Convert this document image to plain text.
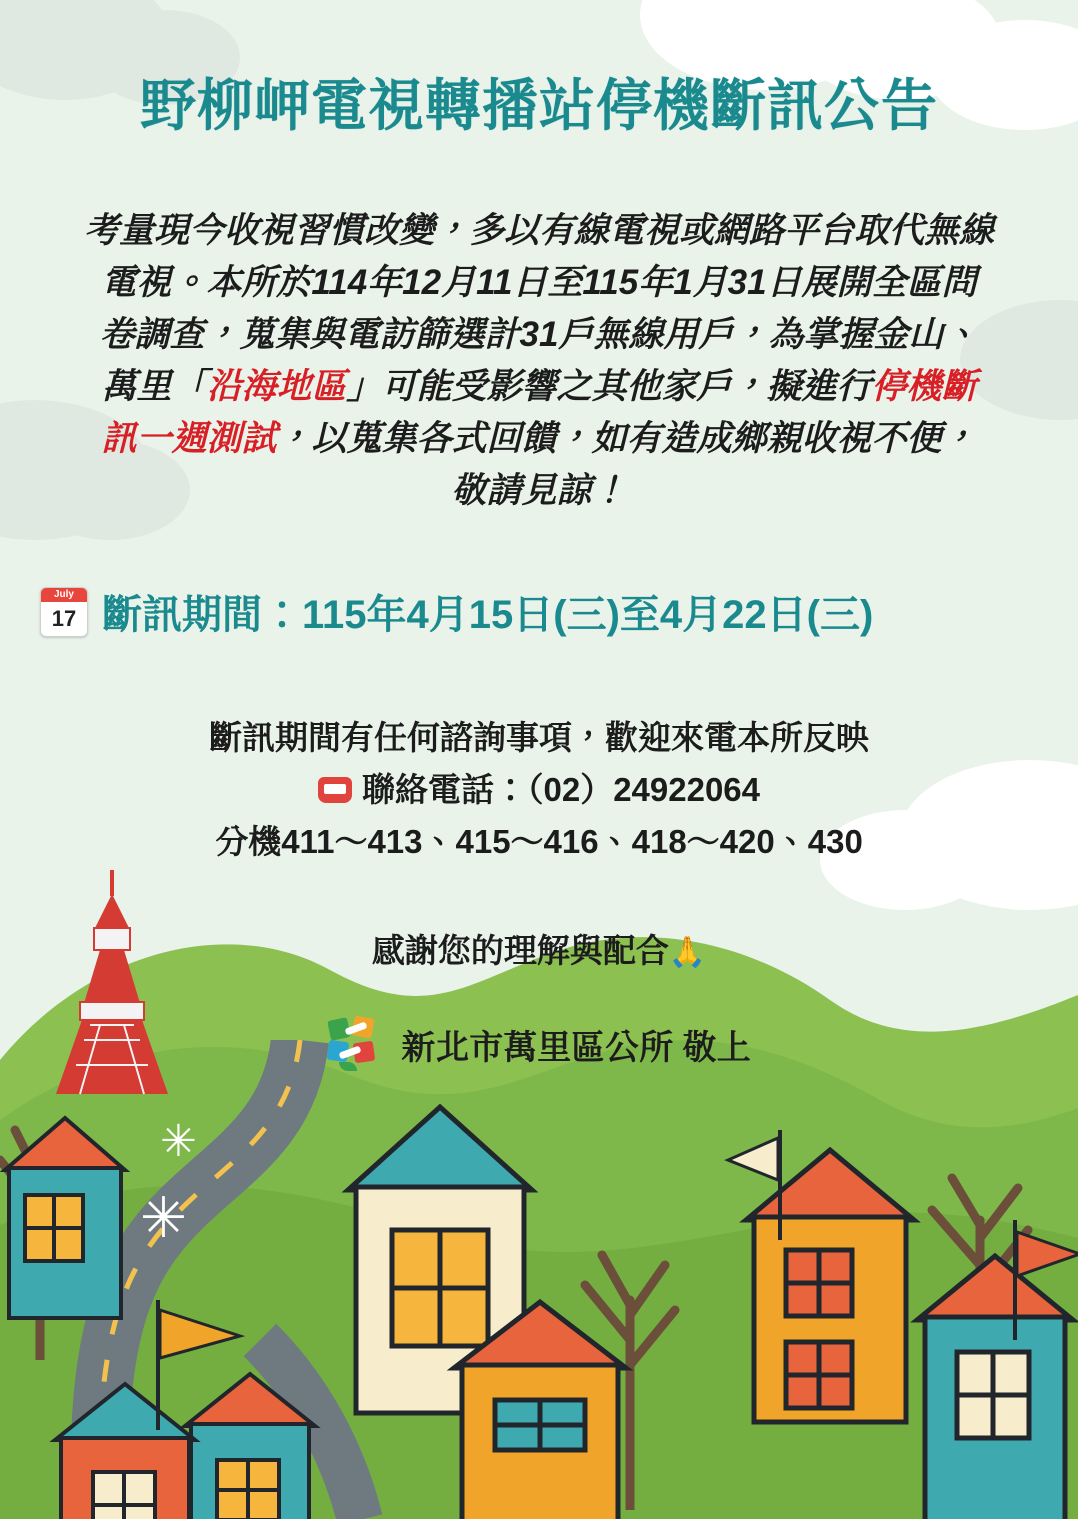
✳
✳
野柳岬電視轉播站停機斷訊公告
考量現今收視習慣改變，多以有線電視或網路平台取代無線電視。本所於114年12月11日至115年1月31日展開全區問卷調查，蒐集與電訪篩選計31戶無線用戶，為掌握金山、萬里「沿海地區」可能受影響之其他家戶，擬進行停機斷訊一週測試，以蒐集各式回饋，如有造成鄉親收視不便，敬請見諒！
July
17 斷訊期間：115年4月15日(三)至4月22日(三)
斷訊期間有任何諮詢事項，歡迎來電本所反映
聯絡電話：（02）24922064
分機411～413、415～416、418～420、430
感謝您的理解與配合🙏
新北市萬里區公所 敬上
